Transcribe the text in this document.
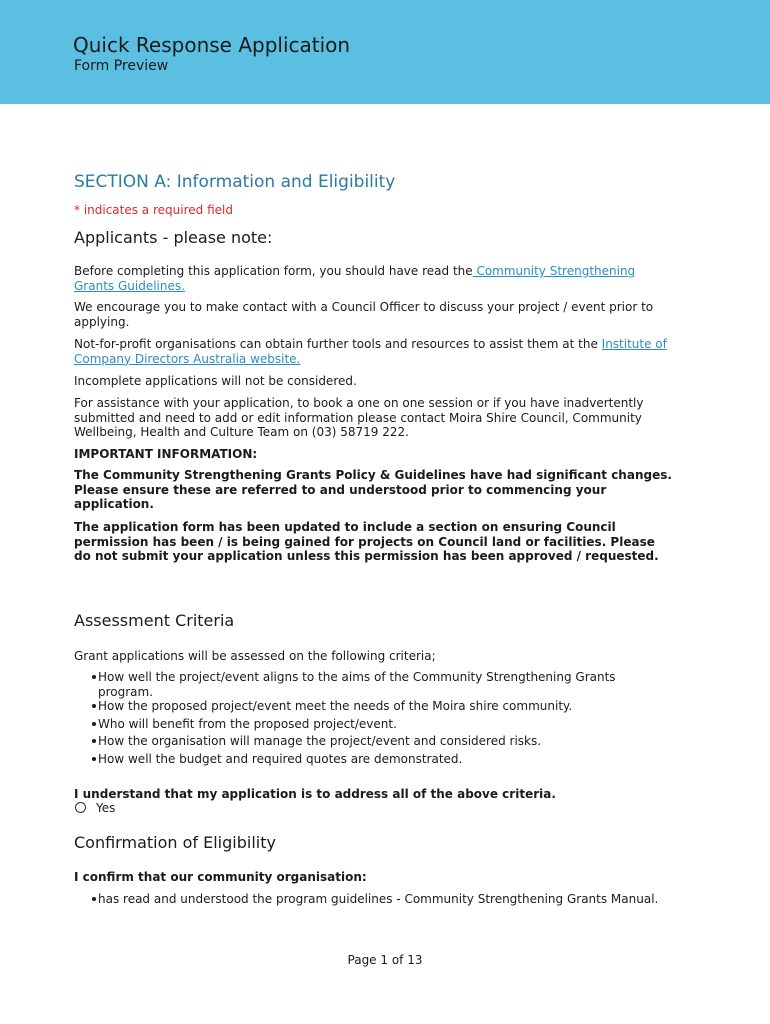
Quick Response Application
Form Preview
SECTION A: Information and Eligibility
* indicates a required field
Applicants - please note:
Before completing this application form, you should have read the Community Strengthening Grants Guidelines.
We encourage you to make contact with a Council Officer to discuss your project / event prior to applying.
Not-for-profit organisations can obtain further tools and resources to assist them at the Institute of Company Directors Australia website.
Incomplete applications will not be considered.
For assistance with your application, to book a one on one session or if you have inadvertently submitted and need to add or edit information please contact Moira Shire Council, Community Wellbeing, Health and Culture Team on (03) 58719 222.
IMPORTANT INFORMATION:
The Community Strengthening Grants Policy & Guidelines have had significant changes. Please ensure these are referred to and understood prior to commencing your application.
The application form has been updated to include a section on ensuring Council permission has been / is being gained for projects on Council land or facilities. Please do not submit your application unless this permission has been approved / requested.
Assessment Criteria
Grant applications will be assessed on the following criteria;
How well the project/event aligns to the aims of the Community Strengthening Grants program.
How the proposed project/event meet the needs of the Moira shire community.
Who will benefit from the proposed project/event.
How the organisation will manage the project/event and considered risks.
How well the budget and required quotes are demonstrated.
I understand that my application is to address all of the above criteria.
Yes
Confirmation of Eligibility
I confirm that our community organisation:
has read and understood the program guidelines - Community Strengthening Grants Manual.
Page 1 of 13
